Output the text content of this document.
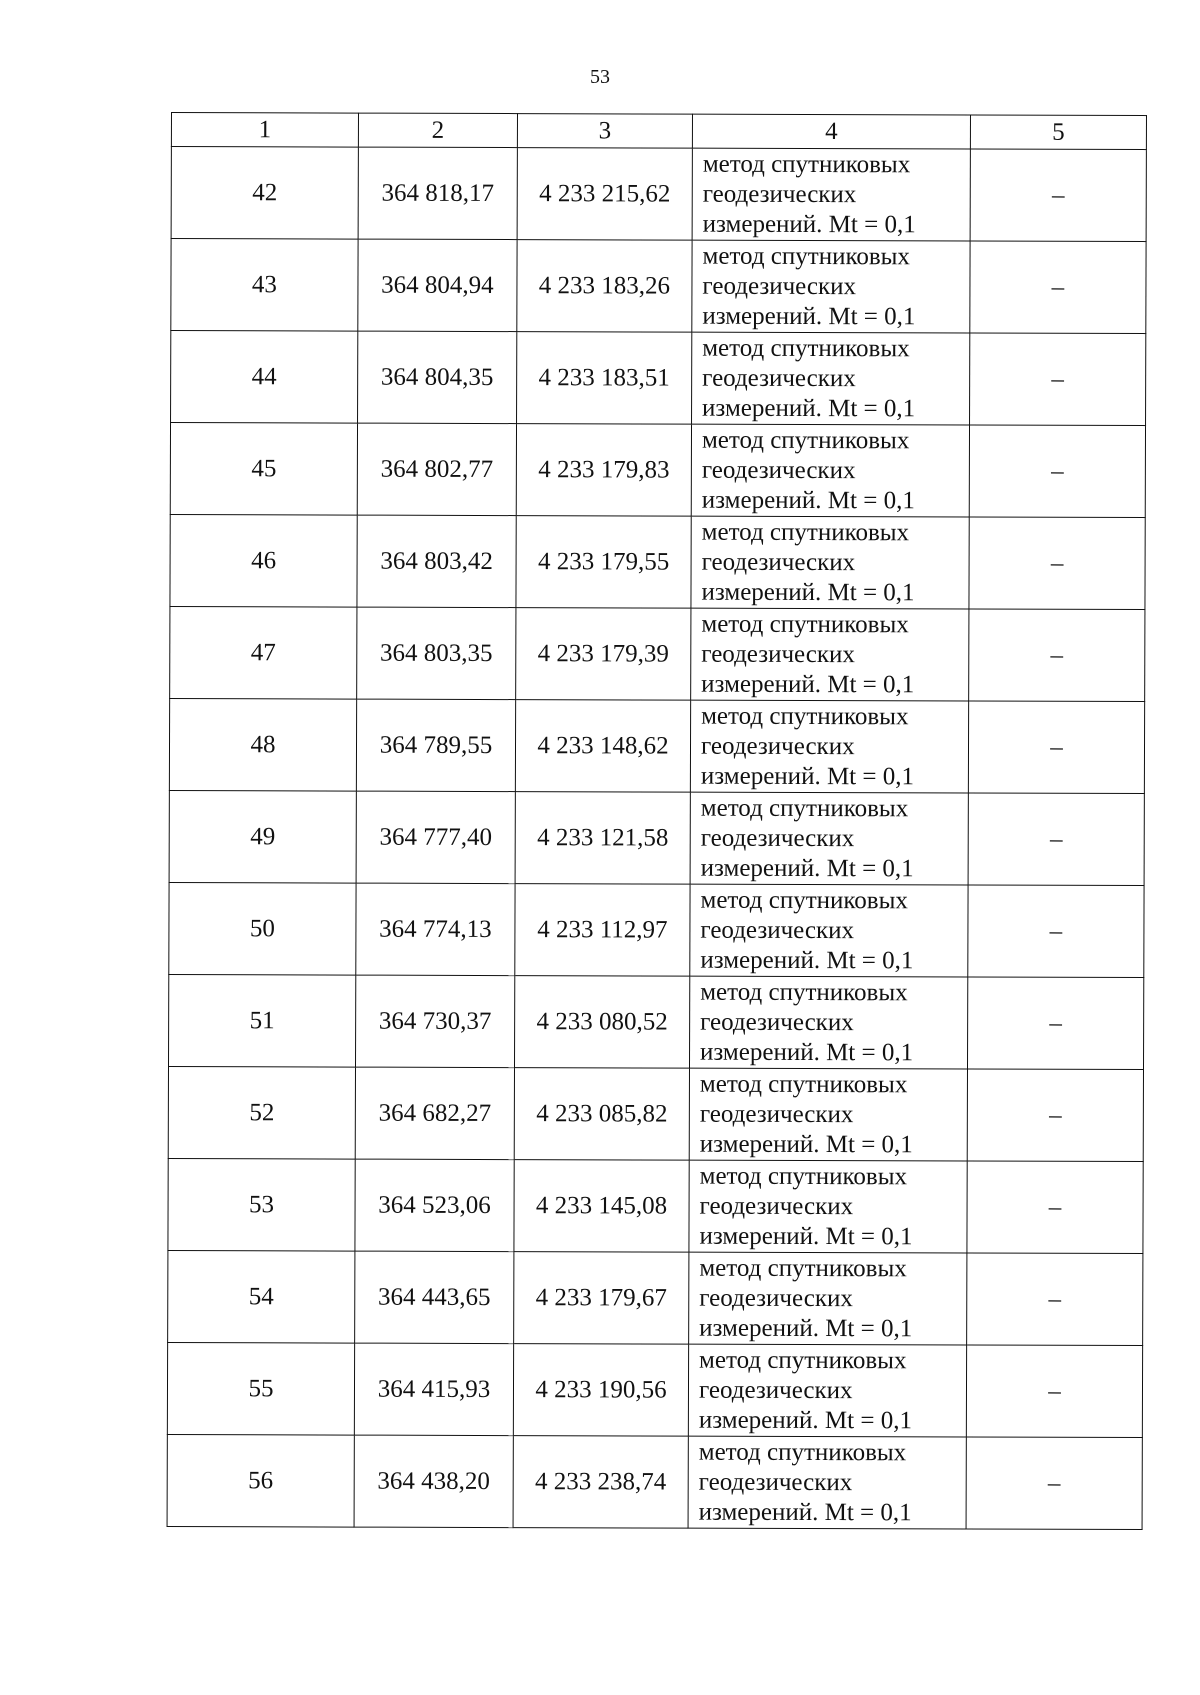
53
1	2	3	4	5
42	364 818,17	4 233 215,62	метод спутниковых
геодезических
измерений. Mt = 0,1	–
43	364 804,94	4 233 183,26	метод спутниковых
геодезических
измерений. Mt = 0,1	–
44	364 804,35	4 233 183,51	метод спутниковых
геодезических
измерений. Mt = 0,1	–
45	364 802,77	4 233 179,83	метод спутниковых
геодезических
измерений. Mt = 0,1	–
46	364 803,42	4 233 179,55	метод спутниковых
геодезических
измерений. Mt = 0,1	–
47	364 803,35	4 233 179,39	метод спутниковых
геодезических
измерений. Mt = 0,1	–
48	364 789,55	4 233 148,62	метод спутниковых
геодезических
измерений. Mt = 0,1	–
49	364 777,40	4 233 121,58	метод спутниковых
геодезических
измерений. Mt = 0,1	–
50	364 774,13	4 233 112,97	метод спутниковых
геодезических
измерений. Mt = 0,1	–
51	364 730,37	4 233 080,52	метод спутниковых
геодезических
измерений. Mt = 0,1	–
52	364 682,27	4 233 085,82	метод спутниковых
геодезических
измерений. Mt = 0,1	–
53	364 523,06	4 233 145,08	метод спутниковых
геодезических
измерений. Mt = 0,1	–
54	364 443,65	4 233 179,67	метод спутниковых
геодезических
измерений. Mt = 0,1	–
55	364 415,93	4 233 190,56	метод спутниковых
геодезических
измерений. Mt = 0,1	–
56	364 438,20	4 233 238,74	метод спутниковых
геодезических
измерений. Mt = 0,1	–
